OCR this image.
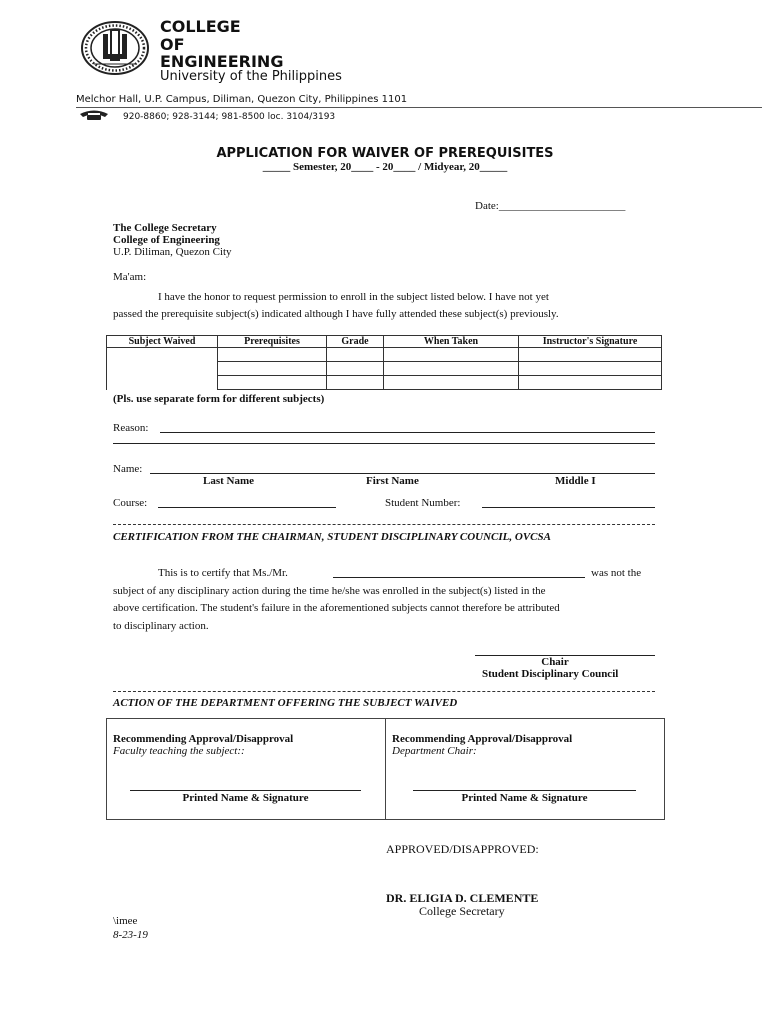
COLLEGE
OF
ENGINEERING
University of the Philippines
Melchor Hall, U.P. Campus, Diliman, Quezon City, Philippines 1101
920-8860; 928-3144; 981-8500 loc. 3104/3193
APPLICATION FOR WAIVER OF PREREQUISITES
_____ Semester, 20____ - 20____ / Midyear, 20_____
Date:_______________________
The College Secretary
College of Engineering
U.P. Diliman, Quezon City
Ma'am:
I have the honor to request permission to enroll in the subject listed below. I have not yet
passed the prerequisite subject(s) indicated although I have fully attended these subject(s) previously.
Subject Waived	Prerequisites	Grade	When Taken	Instructor's Signature

(Pls. use separate form for different subjects)
Reason:
Name:
Last Name	First Name	Middle I
Course:	Student Number:
CERTIFICATION FROM THE CHAIRMAN, STUDENT DISCIPLINARY COUNCIL, OVCSA
This is to certify that Ms./Mr.	was not the
subject of any disciplinary action during the time he/she was enrolled in the subject(s) listed in the
above certification. The student's failure in the aforementioned subjects cannot therefore be attributed
to disciplinary action.
Chair
Student Disciplinary Council
ACTION OF THE DEPARTMENT OFFERING THE SUBJECT WAIVED
Recommending Approval/Disapproval
Faculty teaching the subject::
Printed Name & Signature
Recommending Approval/Disapproval
Department Chair:
Printed Name & Signature
APPROVED/DISAPPROVED:
DR. ELIGIA D. CLEMENTE
College Secretary
\imee
8-23-19
